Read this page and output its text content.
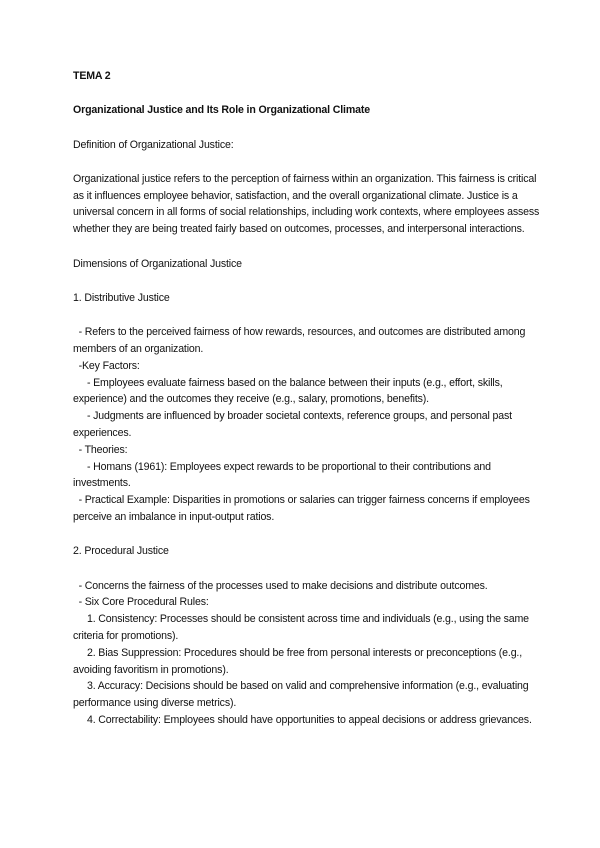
TEMA 2

Organizational Justice and Its Role in Organizational Climate

Definition of Organizational Justice:

Organizational justice refers to the perception of fairness within an organization. This fairness is critical as it influences employee behavior, satisfaction, and the overall organizational climate. Justice is a universal concern in all forms of social relationships, including work contexts, where employees assess whether they are being treated fairly based on outcomes, processes, and interpersonal interactions.

Dimensions of Organizational Justice

1. Distributive Justice

- Refers to the perceived fairness of how rewards, resources, and outcomes are distributed among members of an organization.

-Key Factors:

- Employees evaluate fairness based on the balance between their inputs (e.g., effort, skills, experience) and the outcomes they receive (e.g., salary, promotions, benefits).

- Judgments are influenced by broader societal contexts, reference groups, and personal past experiences.

- Theories:

- Homans (1961): Employees expect rewards to be proportional to their contributions and investments.

- Practical Example: Disparities in promotions or salaries can trigger fairness concerns if employees perceive an imbalance in input-output ratios.

2. Procedural Justice

- Concerns the fairness of the processes used to make decisions and distribute outcomes.

- Six Core Procedural Rules:

1. Consistency: Processes should be consistent across time and individuals (e.g., using the same criteria for promotions).

2. Bias Suppression: Procedures should be free from personal interests or preconceptions (e.g., avoiding favoritism in promotions).

3. Accuracy: Decisions should be based on valid and comprehensive information (e.g., evaluating performance using diverse metrics).

4. Correctability: Employees should have opportunities to appeal decisions or address grievances.
